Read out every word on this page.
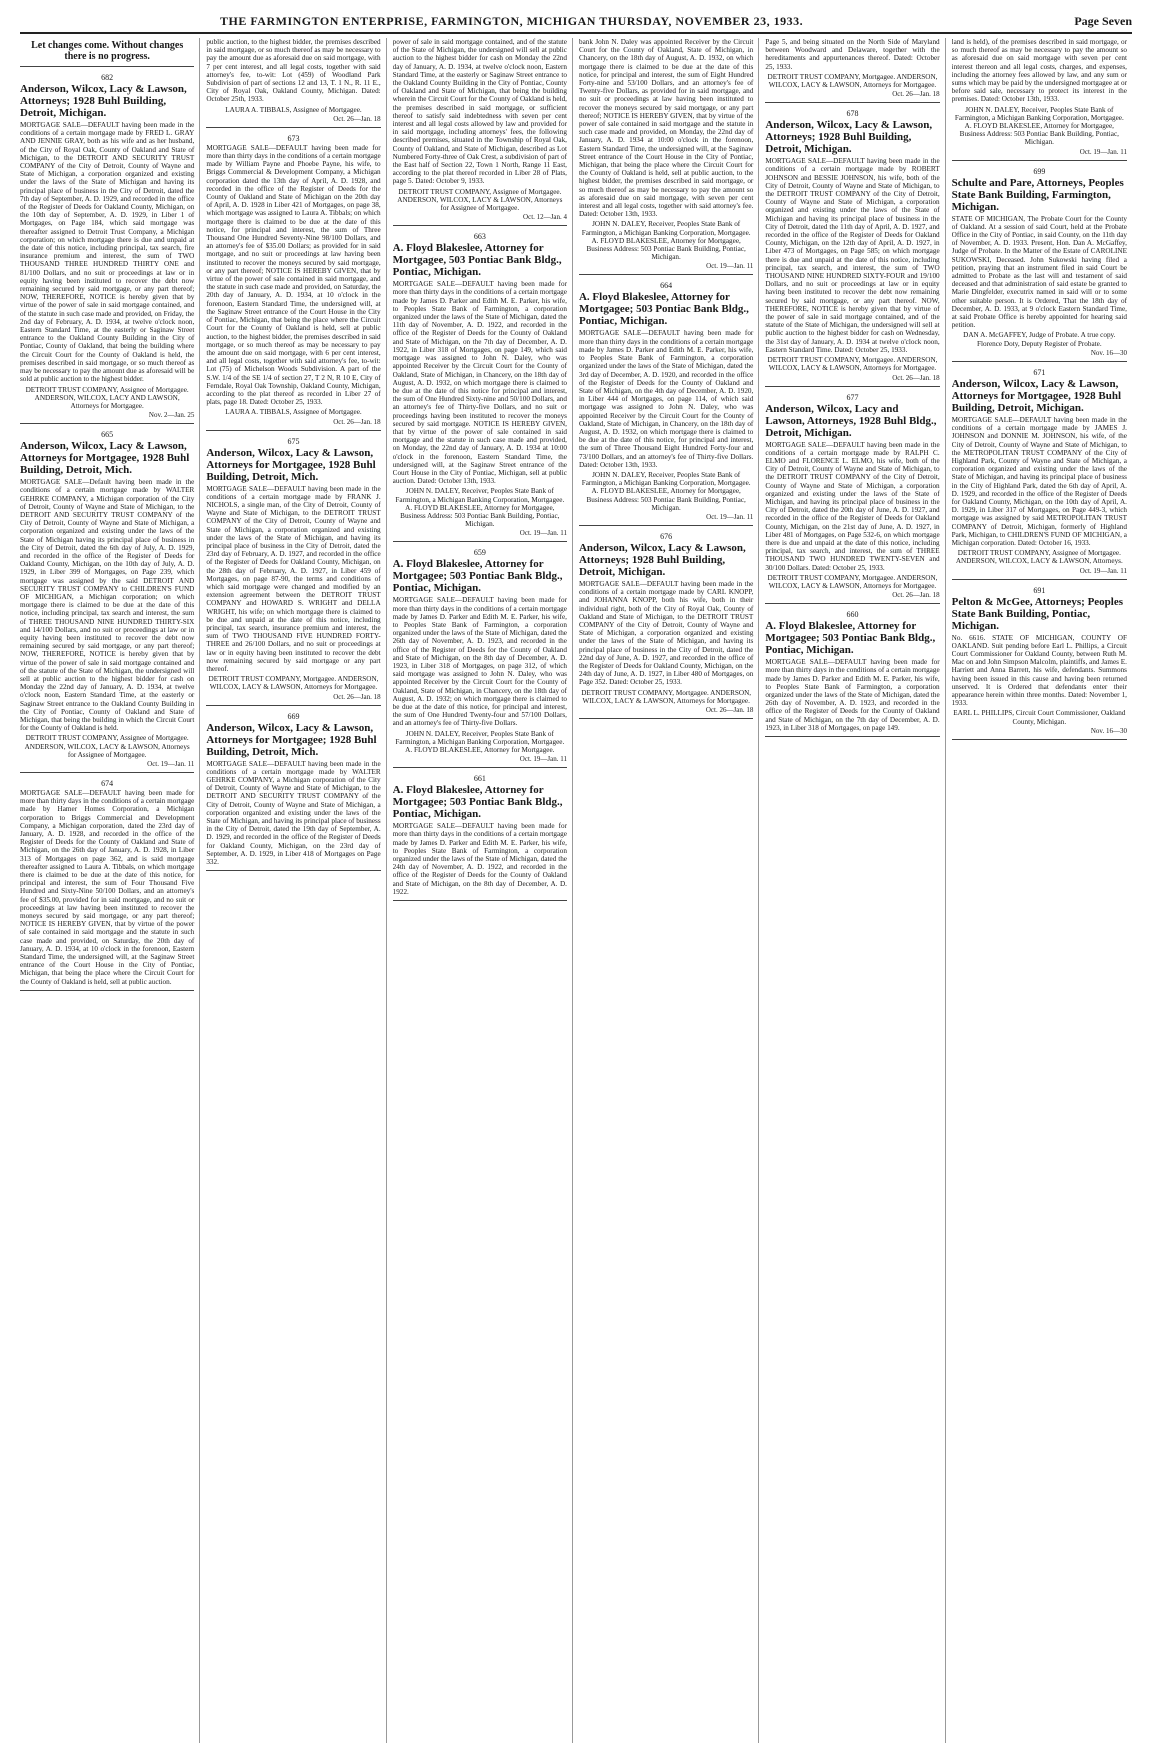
THE FARMINGTON ENTERPRISE, FARMINGTON, MICHIGAN THURSDAY, NOVEMBER 23, 1933.	Page Seven
Let changes come. Without changes there is no progress.
682
Anderson, Wilcox, Lacy & Lawson, Attorneys; 1928 Buhl Building, Detroit, Michigan.
MORTGAGE SALE—DEFAULT having been made in the conditions of a certain mortgage made by FRED L. GRAY AND JENNIE GRAY, both as his wife and as her husband, of the City of Royal Oak, County of Oakland and State of Michigan, to the DETROIT AND SECURITY TRUST COMPANY of the City of Detroit, County of Wayne and State of Michigan, a corporation organized and existing under the laws of the State of Michigan and having its principal place of business in the City of Detroit, dated the 7th day of September, A. D. 1929, and recorded in the office of the Register of Deeds for Oakland County, Michigan, on the 10th day of September, A. D. 1929, in Liber 1 of Mortgages, on Page 184, which said mortgage was thereafter assigned to Detroit Trust Company, a Michigan corporation; on which mortgage there is due and unpaid at the date of this notice, including principal, tax search, fire insurance premium and interest, the sum of TWO THOUSAND THREE HUNDRED THIRTY ONE and 81/100 Dollars, and no suit or proceedings at law or in equity having been instituted to recover the debt now remaining secured by said mortgage, or any part thereof; NOW, THEREFORE, NOTICE is hereby given that by virtue of the power of sale in said mortgage contained, and of the statute in such case made and provided, on Friday, the 2nd day of February, A. D. 1934, at twelve o'clock noon, Eastern Standard Time, at the easterly or Saginaw Street entrance to the Oakland County Building in the City of Pontiac, County of Oakland, that being the building where the Circuit Court for the County of Oakland is held, the premises described in said mortgage, or so much thereof as may be necessary to pay the amount due as aforesaid will be sold at public auction to the highest bidder.
DETROIT TRUST COMPANY, Assignee of Mortgagee. ANDERSON, WILCOX, LACY AND LAWSON, Attorneys for Mortgagee.
Nov. 2—Jan. 25
665
Anderson, Wilcox, Lacy & Lawson, Attorneys for Mortgagee, 1928 Buhl Building, Detroit, Mich.
MORTGAGE SALE—Default having been made in the conditions of a certain mortgage made by WALTER GEHRKE COMPANY, a Michigan corporation of the City of Detroit, County of Wayne and State of Michigan, to the DETROIT AND SECURITY TRUST COMPANY of the City of Detroit, County of Wayne and State of Michigan, a corporation organized and existing under the laws of the State of Michigan having its principal place of business in the City of Detroit, dated the 6th day of July, A. D. 1929, and recorded in the office of the Register of Deeds for Oakland County, Michigan, on the 10th day of July, A. D. 1929, in Liber 399 of Mortgages, on Page 239, which mortgage was assigned by the said DETROIT AND SECURITY TRUST COMPANY to CHILDREN'S FUND OF MICHIGAN, a Michigan corporation; on which mortgage there is claimed to be due at the date of this notice, including principal, tax search and interest, the sum of THREE THOUSAND NINE HUNDRED THIRTY-SIX and 14/100 Dollars, and no suit or proceedings at law or in equity having been instituted to recover the debt now remaining secured by said mortgage, or any part thereof; NOW, THEREFORE, NOTICE is hereby given that by virtue of the power of sale in said mortgage contained and of the statute of the State of Michigan, the undersigned will sell at public auction to the highest bidder for cash on Monday the 22nd day of January, A. D. 1934, at twelve o'clock noon, Eastern Standard Time, at the easterly or Saginaw Street entrance to the Oakland County Building in the City of Pontiac, County of Oakland and State of Michigan, that being the building in which the Circuit Court for the County of Oakland is held.
DETROIT TRUST COMPANY, Assignee of Mortgagee. ANDERSON, WILCOX, LACY & LAWSON, Attorneys for Assignee of Mortgagee.
Oct. 19—Jan. 11
674
MORTGAGE SALE—DEFAULT having been made for more than thirty days in the conditions of a certain mortgage made by Hamer Homes Corporation, a Michigan corporation to Briggs Commercial and Development Company, a Michigan corporation, dated the 23rd day of January, A. D. 1928, and recorded in the office of the Register of Deeds for the County of Oakland and State of Michigan, on the 26th day of January, A. D. 1928, in Liber 313 of Mortgages on page 362, and is said mortgage thereafter assigned to Laura A. Tibbals, on which mortgage there is claimed to be due at the date of this notice, for principal and interest, the sum of Four Thousand Five Hundred and Sixty-Nine 50/100 Dollars, and an attorney's fee of $35.00, provided for in said mortgage, and no suit or proceedings at law having been instituted to recover the moneys secured by said mortgage, or any part thereof; NOTICE IS HEREBY GIVEN, that by virtue of the power of sale contained in said mortgage and the statute in such case made and provided, on Saturday, the 20th day of January, A. D. 1934, at 10 o'clock in the forenoon, Eastern Standard Time, the undersigned will, at the Saginaw Street entrance of the Court House in the City of Pontiac, Michigan, that being the place where the Circuit Court for the County of Oakland is held, sell at public auction.
public auction, to the highest bidder, the premises described in said mortgage, or so much thereof as may be necessary to pay the amount due as aforesaid due on said mortgage, with 7 per cent interest, and all legal costs, together with said attorney's fee, to-wit: Lot (459) of Woodland Park Subdivision of part of sections 12 and 13, T. 1 N., R. 11 E., City of Royal Oak, Oakland County, Michigan. Dated: October 25th, 1933.
LAURA A. TIBBALS, Assignee of Mortgagee.
Oct. 26—Jan. 18
673
MORTGAGE SALE—DEFAULT having been made for more than thirty days in the conditions of a certain mortgage made by William Payne and Phoebe Payne, his wife, to Briggs Commercial & Development Company, a Michigan corporation dated the 13th day of April, A. D. 1928, and recorded in the office of the Register of Deeds for the County of Oakland and State of Michigan on the 20th day of April, A. D. 1928 in Liber 421 of Mortgages, on page 38, which mortgage was assigned to Laura A. Tibbals; on which mortgage there is claimed to be due at the date of this notice, for principal and interest, the sum of Three Thousand One Hundred Seventy-Nine 98/100 Dollars, and an attorney's fee of $35.00 Dollars; as provided for in said mortgage, and no suit or proceedings at law having been instituted to recover the moneys secured by said mortgage, or any part thereof; NOTICE IS HEREBY GIVEN, that by virtue of the power of sale contained in said mortgage, and the statute in such case made and provided, on Saturday, the 20th day of January, A. D. 1934, at 10 o'clock in the forenoon, Eastern Standard Time, the undersigned will, at the Saginaw Street entrance of the Court House in the City of Pontiac, Michigan, that being the place where the Circuit Court for the County of Oakland is held, sell at public auction, to the highest bidder, the premises described in said mortgage, or so much thereof as may be necessary to pay the amount due on said mortgage, with 6 per cent interest, and all legal costs, together with said attorney's fee, to-wit: Lot (75) of Michelson Woods Subdivision. A part of the S.W. 1/4 of the SE 1/4 of section 27, T 2 N, R 10 E, City of Ferndale, Royal Oak Township, Oakland County, Michigan, according to the plat thereof as recorded in Liber 27 of plats, page 18. Dated: October 25, 1933.
LAURA A. TIBBALS, Assignee of Mortgagee.
Oct. 26—Jan. 18
675
Anderson, Wilcox, Lacy & Lawson, Attorneys for Mortgagee, 1928 Buhl Building, Detroit, Mich.
MORTGAGE SALE—DEFAULT having been made in the conditions of a certain mortgage made by FRANK J. NICHOLS, a single man, of the City of Detroit, County of Wayne and State of Michigan, to the DETROIT TRUST COMPANY of the City of Detroit, County of Wayne and State of Michigan, a corporation organized and existing under the laws of the State of Michigan, and having its principal place of business in the City of Detroit, dated the 23rd day of February, A. D. 1927, and recorded in the office of the Register of Deeds for Oakland County, Michigan, on the 28th day of February, A. D. 1927, in Liber 459 of Mortgages, on page 87-90, the terms and conditions of which said mortgage were changed and modified by an extension agreement between the DETROIT TRUST COMPANY and HOWARD S. WRIGHT and DELLA WRIGHT, his wife; on which mortgage there is claimed to be due and unpaid at the date of this notice, including principal, tax search, insurance premium and interest, the sum of TWO THOUSAND FIVE HUNDRED FORTY-THREE and 26/100 Dollars, and no suit or proceedings at law or in equity having been instituted to recover the debt now remaining secured by said mortgage or any part thereof.
DETROIT TRUST COMPANY, Mortgagee. ANDERSON, WILCOX, LACY & LAWSON, Attorneys for Mortgagee.
Oct. 26—Jan. 18
669
Anderson, Wilcox, Lacy & Lawson, Attorneys for Mortgagee; 1928 Buhl Building, Detroit, Mich.
MORTGAGE SALE—DEFAULT having been made in the conditions of a certain mortgage made by WALTER GEHRKE COMPANY, a Michigan corporation of the City of Detroit, County of Wayne and State of Michigan, to the DETROIT AND SECURITY TRUST COMPANY of the City of Detroit, County of Wayne and State of Michigan, a corporation organized and existing under the laws of the State of Michigan, and having its principal place of business in the City of Detroit, dated the 19th day of September, A. D. 1929, and recorded in the office of the Register of Deeds for Oakland County, Michigan, on the 23rd day of September, A. D. 1929, in Liber 418 of Mortgages on Page 332.
power of sale in said mortgage contained, and of the statute of the State of Michigan, the undersigned will sell at public auction to the highest bidder for cash on Monday the 22nd day of January, A. D. 1934, at twelve o'clock noon, Eastern Standard Time, at the easterly or Saginaw Street entrance to the Oakland County Building in the City of Pontiac, County of Oakland and State of Michigan, that being the building wherein the Circuit Court for the County of Oakland is held, the premises described in said mortgage, or sufficient thereof to satisfy said indebtedness with seven per cent interest and all legal costs allowed by law and provided for in said mortgage, including attorneys' fees, the following described premises, situated in the Township of Royal Oak, County of Oakland, and State of Michigan, described as Lot Numbered Forty-three of Oak Crest, a subdivision of part of the East half of Section 22, Town 1 North, Range 11 East, according to the plat thereof recorded in Liber 28 of Plats, page 5. Dated: October 9, 1933.
DETROIT TRUST COMPANY, Assignee of Mortgagee. ANDERSON, WILCOX, LACY & LAWSON, Attorneys for Assignee of Mortgagee.
Oct. 12—Jan. 4
663
A. Floyd Blakeslee, Attorney for Mortgagee, 503 Pontiac Bank Bldg., Pontiac, Michigan.
MORTGAGE SALE—DEFAULT having been made for more than thirty days in the conditions of a certain mortgage made by James D. Parker and Edith M. E. Parker, his wife, to Peoples State Bank of Farmington, a corporation organized under the laws of the State of Michigan, dated the 11th day of November, A. D. 1922, and recorded in the office of the Register of Deeds for the County of Oakland and State of Michigan, on the 7th day of December, A. D. 1922, in Liber 318 of Mortgages, on page 149, which said mortgage was assigned to John N. Daley, who was appointed Receiver by the Circuit Court for the County of Oakland, State of Michigan, in Chancery, on the 18th day of August, A. D. 1932, on which mortgage there is claimed to be due at the date of this notice for principal and interest, the sum of One Hundred Sixty-nine and 50/100 Dollars, and an attorney's fee of Thirty-five Dollars, and no suit or proceedings having been instituted to recover the moneys secured by said mortgage. NOTICE IS HEREBY GIVEN, that by virtue of the power of sale contained in said mortgage and the statute in such case made and provided, on Monday, the 22nd day of January, A. D. 1934 at 10:00 o'clock in the forenoon, Eastern Standard Time, the undersigned will, at the Saginaw Street entrance of the Court House in the City of Pontiac, Michigan, sell at public auction. Dated: October 13th, 1933.
JOHN N. DALEY, Receiver, Peoples State Bank of Farmington, a Michigan Banking Corporation, Mortgagee. A. FLOYD BLAKESLEE, Attorney for Mortgagee, Business Address: 503 Pontiac Bank Building, Pontiac, Michigan.
Oct. 19—Jan. 11
659
A. Floyd Blakeslee, Attorney for Mortgagee; 503 Pontiac Bank Bldg., Pontiac, Michigan.
MORTGAGE SALE—DEFAULT having been made for more than thirty days in the conditions of a certain mortgage made by James D. Parker and Edith M. E. Parker, his wife, to Peoples State Bank of Farmington, a corporation organized under the laws of the State of Michigan, dated the 26th day of November, A. D. 1923, and recorded in the office of the Register of Deeds for the County of Oakland and State of Michigan, on the 8th day of December, A. D. 1923, in Liber 318 of Mortgages, on page 312, of which said mortgage was assigned to John N. Daley, who was appointed Receiver by the Circuit Court for the County of Oakland, State of Michigan, in Chancery, on the 18th day of August, A. D. 1932; on which mortgage there is claimed to be due at the date of this notice, for principal and interest, the sum of One Hundred Twenty-four and 57/100 Dollars, and an attorney's fee of Thirty-five Dollars.
JOHN N. DALEY, Receiver, Peoples State Bank of Farmington, a Michigan Banking Corporation, Mortgagee. A. FLOYD BLAKESLEE, Attorney for Mortgagee.
Oct. 19—Jan. 11
661
A. Floyd Blakeslee, Attorney for Mortgagee; 503 Pontiac Bank Bldg., Pontiac, Michigan.
MORTGAGE SALE—DEFAULT having been made for more than thirty days in the conditions of a certain mortgage made by James D. Parker and Edith M. E. Parker, his wife, to Peoples State Bank of Farmington, a corporation organized under the laws of the State of Michigan, dated the 24th day of November, A. D. 1922, and recorded in the office of the Register of Deeds for the County of Oakland and State of Michigan, on the 8th day of December, A. D. 1922.
bank John N. Daley was appointed Receiver by the Circuit Court for the County of Oakland, State of Michigan, in Chancery, on the 18th day of August, A. D. 1932, on which mortgage there is claimed to be due at the date of this notice, for principal and interest, the sum of Eight Hundred Forty-nine and 53/100 Dollars, and an attorney's fee of Twenty-five Dollars, as provided for in said mortgage, and no suit or proceedings at law having been instituted to recover the moneys secured by said mortgage, or any part thereof; NOTICE IS HEREBY GIVEN, that by virtue of the power of sale contained in said mortgage and the statute in such case made and provided, on Monday, the 22nd day of January, A. D. 1934 at 10:00 o'clock in the forenoon, Eastern Standard Time, the undersigned will, at the Saginaw Street entrance of the Court House in the City of Pontiac, Michigan, that being the place where the Circuit Court for the County of Oakland is held, sell at public auction, to the highest bidder, the premises described in said mortgage, or so much thereof as may be necessary to pay the amount so as aforesaid due on said mortgage, with seven per cent interest and all legal costs, together with said attorney's fee. Dated: October 13th, 1933.
JOHN N. DALEY, Receiver, Peoples State Bank of Farmington, a Michigan Banking Corporation, Mortgagee. A. FLOYD BLAKESLEE, Attorney for Mortgagee, Business Address: 503 Pontiac Bank Building, Pontiac, Michigan.
Oct. 19—Jan. 11
664
A. Floyd Blakeslee, Attorney for Mortgagee; 503 Pontiac Bank Bldg., Pontiac, Michigan.
MORTGAGE SALE—DEFAULT having been made for more than thirty days in the conditions of a certain mortgage made by James D. Parker and Edith M. E. Parker, his wife, to Peoples State Bank of Farmington, a corporation organized under the laws of the State of Michigan, dated the 3rd day of December, A. D. 1920, and recorded in the office of the Register of Deeds for the County of Oakland and State of Michigan, on the 4th day of December, A. D. 1920, in Liber 444 of Mortgages, on page 114, of which said mortgage was assigned to John N. Daley, who was appointed Receiver by the Circuit Court for the County of Oakland, State of Michigan, in Chancery, on the 18th day of August, A. D. 1932, on which mortgage there is claimed to be due at the date of this notice, for principal and interest, the sum of Three Thousand Eight Hundred Forty-four and 73/100 Dollars, and an attorney's fee of Thirty-five Dollars. Dated: October 13th, 1933.
JOHN N. DALEY, Receiver, Peoples State Bank of Farmington, a Michigan Banking Corporation, Mortgagee. A. FLOYD BLAKESLEE, Attorney for Mortgagee, Business Address: 503 Pontiac Bank Building, Pontiac, Michigan.
Oct. 19—Jan. 11
676
Anderson, Wilcox, Lacy & Lawson, Attorneys; 1928 Buhl Building, Detroit, Michigan.
MORTGAGE SALE—DEFAULT having been made in the conditions of a certain mortgage made by CARL KNOPP, and JOHANNA KNOPP, both his wife, both in their individual right, both of the City of Royal Oak, County of Oakland and State of Michigan, to the DETROIT TRUST COMPANY of the City of Detroit, County of Wayne and State of Michigan, a corporation organized and existing under the laws of the State of Michigan, and having its principal place of business in the City of Detroit, dated the 22nd day of June, A. D. 1927, and recorded in the office of the Register of Deeds for Oakland County, Michigan, on the 24th day of June, A. D. 1927, in Liber 480 of Mortgages, on Page 352. Dated: October 25, 1933.
DETROIT TRUST COMPANY, Mortgagee. ANDERSON, WILCOX, LACY & LAWSON, Attorneys for Mortgagee.
Oct. 26—Jan. 18
Page 5, and being situated on the North Side of Maryland between Woodward and Delaware, together with the hereditaments and appurtenances thereof. Dated: October 25, 1933.
DETROIT TRUST COMPANY, Mortgagee. ANDERSON, WILCOX, LACY & LAWSON, Attorneys for Mortgagee.
Oct. 26—Jan. 18
678
Anderson, Wilcox, Lacy & Lawson, Attorneys; 1928 Buhl Building, Detroit, Michigan.
MORTGAGE SALE—DEFAULT having been made in the conditions of a certain mortgage made by ROBERT JOHNSON and BESSIE JOHNSON, his wife, both of the City of Detroit, County of Wayne and State of Michigan, to the DETROIT TRUST COMPANY of the City of Detroit, County of Wayne and State of Michigan, a corporation organized and existing under the laws of the State of Michigan and having its principal place of business in the City of Detroit, dated the 11th day of April, A. D. 1927, and recorded in the office of the Register of Deeds for Oakland County, Michigan, on the 12th day of April, A. D. 1927, in Liber 473 of Mortgages, on Page 585; on which mortgage there is due and unpaid at the date of this notice, including principal, tax search, and interest, the sum of TWO THOUSAND NINE HUNDRED SIXTY-FOUR and 19/100 Dollars, and no suit or proceedings at law or in equity having been instituted to recover the debt now remaining secured by said mortgage, or any part thereof. NOW, THEREFORE, NOTICE is hereby given that by virtue of the power of sale in said mortgage contained, and of the statute of the State of Michigan, the undersigned will sell at public auction to the highest bidder for cash on Wednesday, the 31st day of January, A. D. 1934 at twelve o'clock noon, Eastern Standard Time. Dated: October 25, 1933.
DETROIT TRUST COMPANY, Mortgagee. ANDERSON, WILCOX, LACY & LAWSON, Attorneys for Mortgagee.
Oct. 26—Jan. 18
677
Anderson, Wilcox, Lacy and Lawson, Attorneys, 1928 Buhl Bldg., Detroit, Michigan.
MORTGAGE SALE—DEFAULT having been made in the conditions of a certain mortgage made by RALPH C. ELMO and FLORENCE L. ELMO, his wife, both of the City of Detroit, County of Wayne and State of Michigan, to the DETROIT TRUST COMPANY of the City of Detroit, County of Wayne and State of Michigan, a corporation organized and existing under the laws of the State of Michigan, and having its principal place of business in the City of Detroit, dated the 20th day of June, A. D. 1927, and recorded in the office of the Register of Deeds for Oakland County, Michigan, on the 21st day of June, A. D. 1927, in Liber 481 of Mortgages, on Page 532-6, on which mortgage there is due and unpaid at the date of this notice, including principal, tax search, and interest, the sum of THREE THOUSAND TWO HUNDRED TWENTY-SEVEN and 30/100 Dollars. Dated: October 25, 1933.
DETROIT TRUST COMPANY, Mortgagee. ANDERSON, WILCOX, LACY & LAWSON, Attorneys for Mortgagee.
Oct. 26—Jan. 18
660
A. Floyd Blakeslee, Attorney for Mortgagee; 503 Pontiac Bank Bldg., Pontiac, Michigan.
MORTGAGE SALE—DEFAULT having been made for more than thirty days in the conditions of a certain mortgage made by James D. Parker and Edith M. E. Parker, his wife, to Peoples State Bank of Farmington, a corporation organized under the laws of the State of Michigan, dated the 26th day of November, A. D. 1923, and recorded in the office of the Register of Deeds for the County of Oakland and State of Michigan, on the 7th day of December, A. D. 1923, in Liber 318 of Mortgages, on page 149.
land is held), of the premises described in said mortgage, or so much thereof as may be necessary to pay the amount so as aforesaid due on said mortgage with seven per cent interest thereon and all legal costs, charges, and expenses, including the attorney fees allowed by law, and any sum or sums which may be paid by the undersigned mortgagee at or before said sale, necessary to protect its interest in the premises. Dated: October 13th, 1933.
JOHN N. DALEY, Receiver, Peoples State Bank of Farmington, a Michigan Banking Corporation, Mortgagee. A. FLOYD BLAKESLEE, Attorney for Mortgagee, Business Address: 503 Pontiac Bank Building, Pontiac, Michigan.
Oct. 19—Jan. 11
699
Schulte and Pare, Attorneys, Peoples State Bank Building, Farmington, Michigan.
STATE OF MICHIGAN, The Probate Court for the County of Oakland. At a session of said Court, held at the Probate Office in the City of Pontiac, in said County, on the 11th day of November, A. D. 1933. Present, Hon. Dan A. McGaffey, Judge of Probate. In the Matter of the Estate of CAROLINE SUKOWSKI, Deceased. John Sukowski having filed a petition, praying that an instrument filed in said Court be admitted to Probate as the last will and testament of said deceased and that administration of said estate be granted to Marie Dingfelder, executrix named in said will or to some other suitable person. It is Ordered, That the 18th day of December, A. D. 1933, at 9 o'clock Eastern Standard Time, at said Probate Office is hereby appointed for hearing said petition.
DAN A. McGAFFEY, Judge of Probate. A true copy. Florence Doty, Deputy Register of Probate.
Nov. 16—30
671
Anderson, Wilcox, Lacy & Lawson, Attorneys for Mortgagee, 1928 Buhl Building, Detroit, Michigan.
MORTGAGE SALE—DEFAULT having been made in the conditions of a certain mortgage made by JAMES J. JOHNSON and DONNIE M. JOHNSON, his wife, of the City of Detroit, County of Wayne and State of Michigan, to the METROPOLITAN TRUST COMPANY of the City of Highland Park, County of Wayne and State of Michigan, a corporation organized and existing under the laws of the State of Michigan, and having its principal place of business in the City of Highland Park, dated the 6th day of April, A. D. 1929, and recorded in the office of the Register of Deeds for Oakland County, Michigan, on the 10th day of April, A. D. 1929, in Liber 317 of Mortgages, on Page 449-3, which mortgage was assigned by said METROPOLITAN TRUST COMPANY of Detroit, Michigan, formerly of Highland Park, Michigan, to CHILDREN'S FUND OF MICHIGAN, a Michigan corporation. Dated: October 16, 1933.
DETROIT TRUST COMPANY, Assignee of Mortgagee. ANDERSON, WILCOX, LACY & LAWSON, Attorneys.
Oct. 19—Jan. 11
691
Pelton & McGee, Attorneys; Peoples State Bank Building, Pontiac, Michigan.
No. 6616. STATE OF MICHIGAN, COUNTY OF OAKLAND. Suit pending before Earl L. Phillips, a Circuit Court Commissioner for Oakland County, between Ruth M. Mac on and John Simpson Malcolm, plaintiffs, and James E. Harriett and Anna Barrett, his wife, defendants. Summons having been issued in this cause and having been returned unserved. It is Ordered that defendants enter their appearance herein within three months. Dated: November 1, 1933.
EARL L. PHILLIPS, Circuit Court Commissioner, Oakland County, Michigan.
Nov. 16—30
